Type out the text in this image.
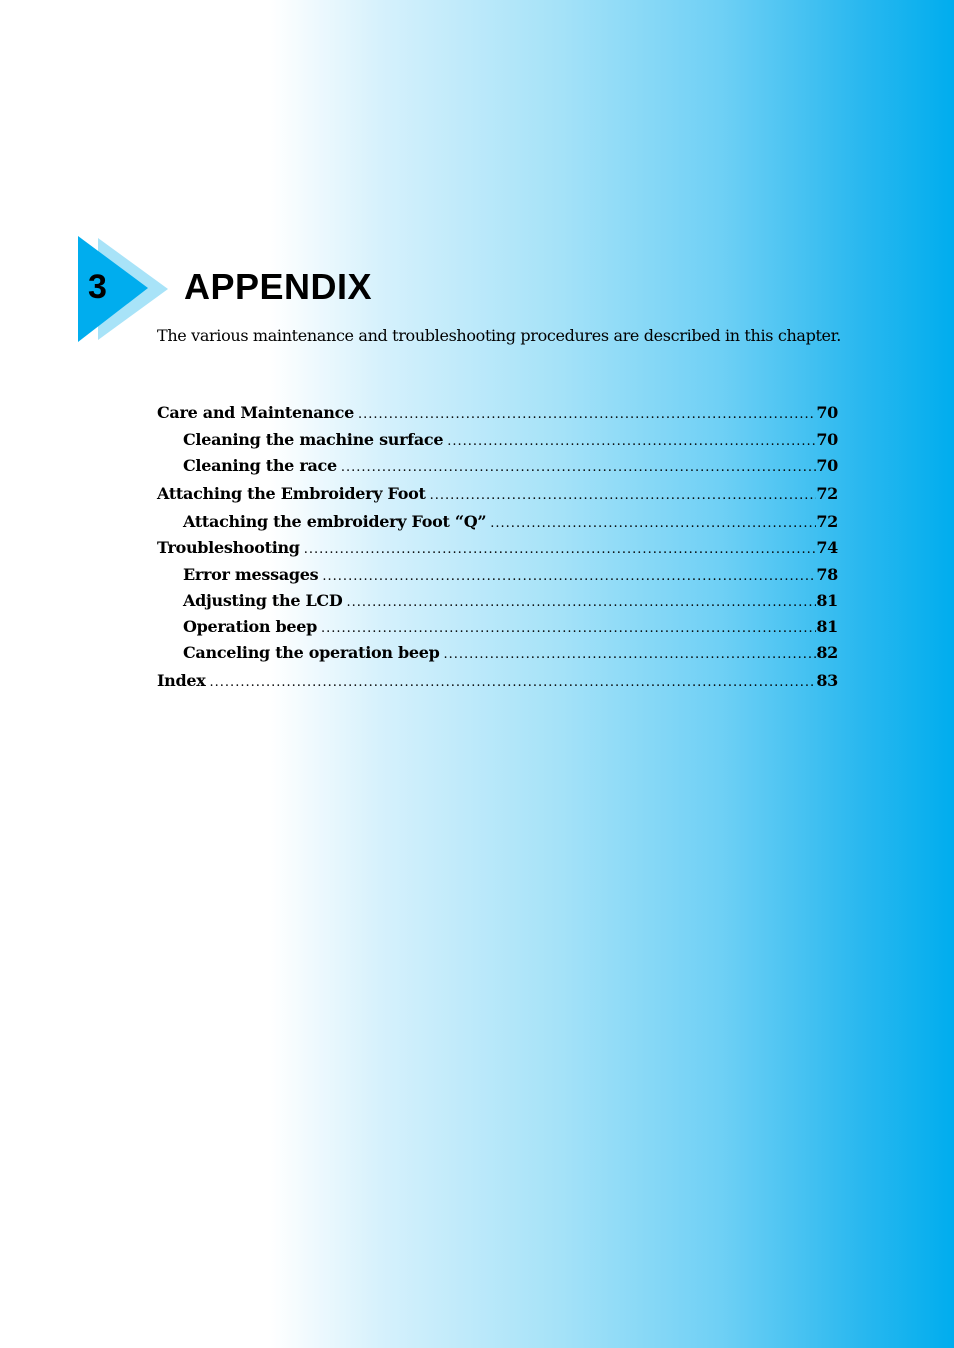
3 APPENDIX

The various maintenance and troubleshooting procedures are described in this chapter.

Care and Maintenance .....	70
Cleaning the machine surface .....	70
Cleaning the race .....	70
Attaching the Embroidery Foot .....	72
Attaching the embroidery Foot “Q” .....	72
Troubleshooting .....	74
Error messages .....	78
Adjusting the LCD .....	81
Operation beep .....	81
Canceling the operation beep .....	82
Index .....	83
